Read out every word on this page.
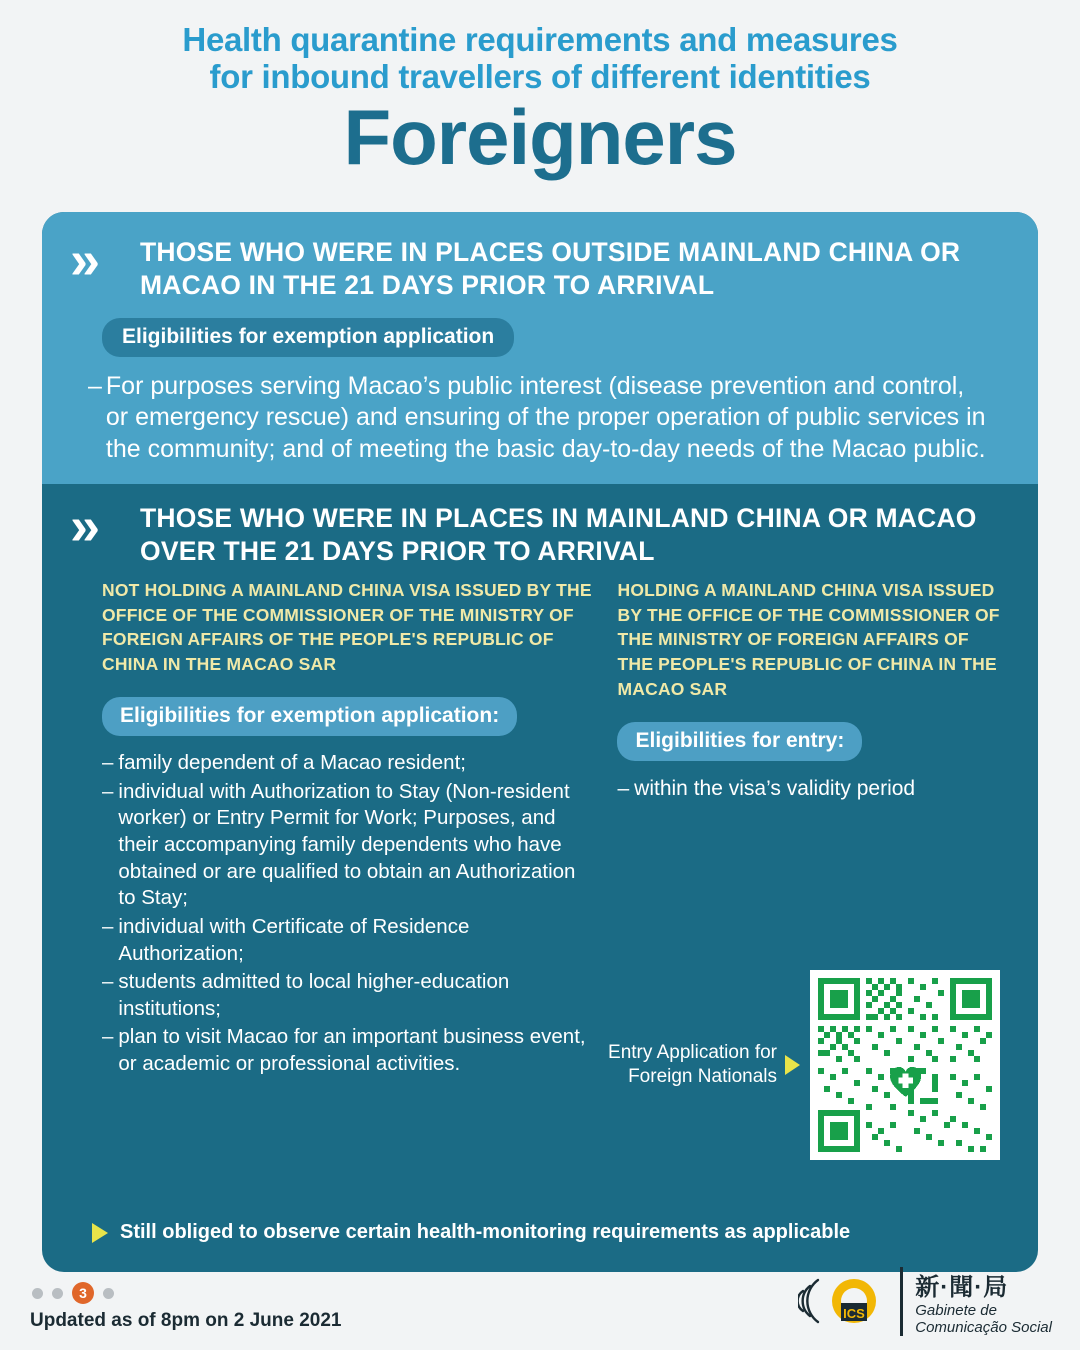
Health quarantine requirements and measures
for inbound travellers of different identities
Foreigners
»	THOSE WHO WERE IN PLACES OUTSIDE MAINLAND CHINA OR MACAO IN THE 21 DAYS PRIOR TO ARRIVAL
Eligibilities for exemption application
– For purposes serving Macao’s public interest (disease prevention and control, or emergency rescue) and ensuring of the proper operation of public services in the community; and of meeting the basic day-to-day needs of the Macao public.
»	THOSE WHO WERE IN PLACES IN MAINLAND CHINA OR MACAO OVER THE 21 DAYS PRIOR TO ARRIVAL
NOT HOLDING A MAINLAND CHINA VISA ISSUED BY THE OFFICE OF THE COMMISSIONER OF THE MINISTRY OF FOREIGN AFFAIRS OF THE PEOPLE'S REPUBLIC OF CHINA IN THE MACAO SAR
Eligibilities for exemption application:
– family dependent of a Macao resident;
– individual with Authorization to Stay (Non-resident worker) or Entry Permit for Work; Purposes, and their accompanying family dependents who have obtained or are qualified to obtain an Authorization to Stay;
– individual with Certificate of Residence Authorization;
– students admitted to local higher-education institutions;
– plan to visit Macao for an important business event, or academic or professional activities.
HOLDING A MAINLAND CHINA VISA ISSUED BY THE OFFICE OF THE COMMISSIONER OF THE MINISTRY OF FOREIGN AFFAIRS OF THE PEOPLE'S REPUBLIC OF CHINA IN THE MACAO SAR
Eligibilities for entry:
– within the visa’s validity period
Entry Application for
Foreign Nationals
Still obliged to observe certain health-monitoring requirements as applicable
3
Updated as of 8pm on 2 June 2021	ICS
新·聞·局
Gabinete de
Comunicação Social
